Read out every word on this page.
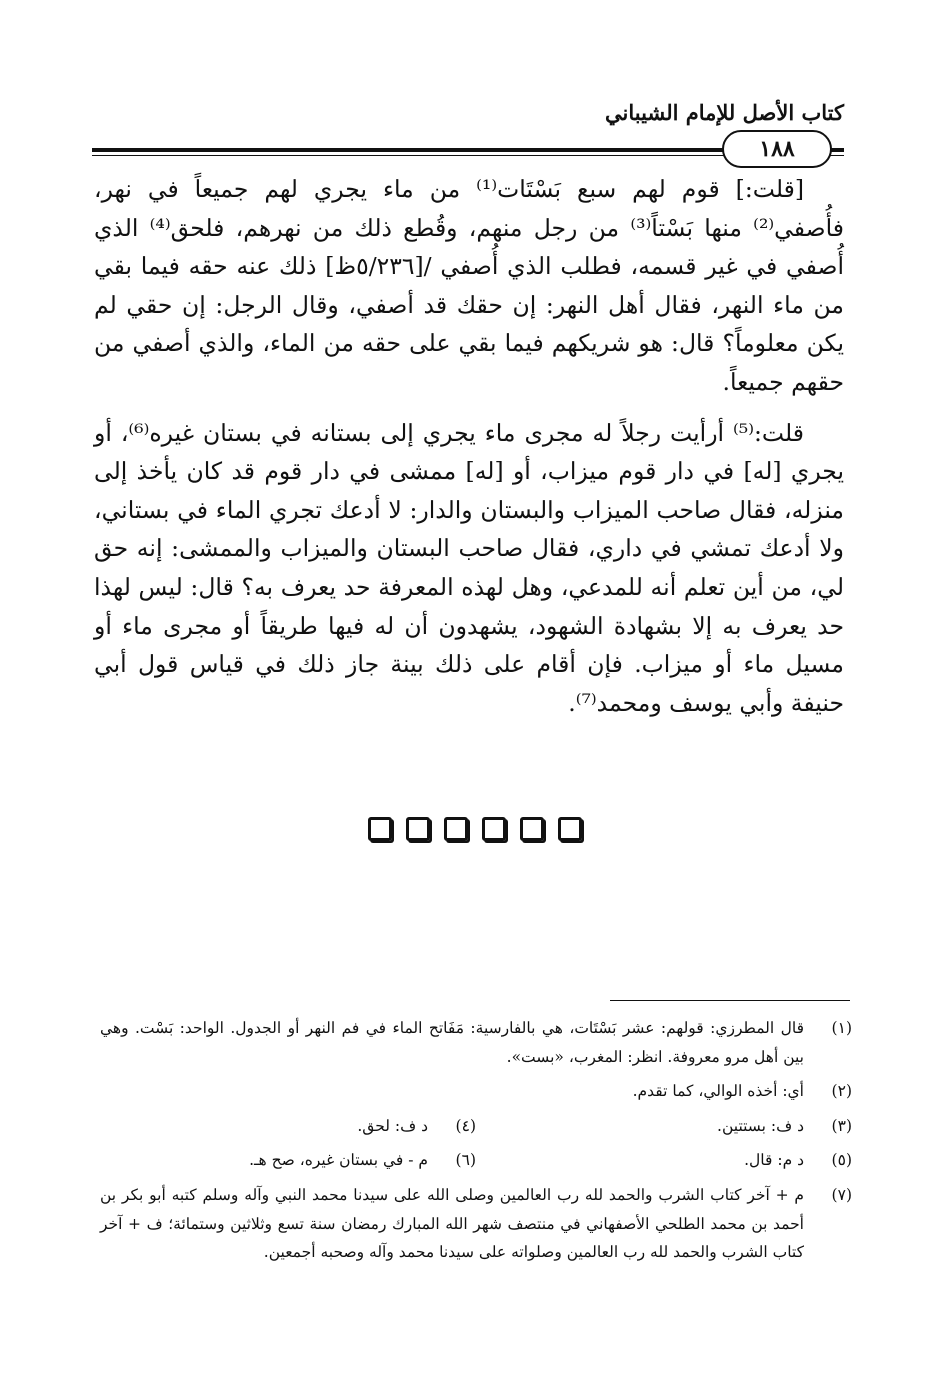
كتاب الأصل للإمام الشيباني
١٨٨

[قلت:] قوم لهم سبع بَسْتَات⁽¹⁾ من ماء يجري لهم جميعاً في نهر، فأُصفي⁽²⁾ منها بَسْتاً⁽³⁾ من رجل منهم، وقُطع ذلك من نهرهم، فلحق⁽⁴⁾ الذي أُصفي في غير قسمه، فطلب الذي أُصفي /[٥/٢٣٦ظ] ذلك عنه حقه فيما بقي من ماء النهر، فقال أهل النهر: إن حقك قد أصفي، وقال الرجل: إن حقي لم يكن معلوماً؟ قال: هو شريكهم فيما بقي على حقه من الماء، والذي أصفي من حقهم جميعاً.

قلت:⁽⁵⁾ أرأيت رجلاً له مجرى ماء يجري إلى بستانه في بستان غيره⁽⁶⁾، أو يجري [له] في دار قوم ميزاب، أو [له] ممشى في دار قوم قد كان يأخذ إلى منزله، فقال صاحب الميزاب والبستان والدار: لا أدعك تجري الماء في بستاني، ولا أدعك تمشي في داري، فقال صاحب البستان والميزاب والممشى: إنه حق لي، من أين تعلم أنه للمدعي، وهل لهذه المعرفة حد يعرف به؟ قال: ليس لهذا حد يعرف به إلا بشهادة الشهود، يشهدون أن له فيها طريقاً أو مجرى ماء أو مسيل ماء أو ميزاب. فإن أقام على ذلك بينة جاز ذلك في قياس قول أبي حنيفة وأبي يوسف ومحمد⁽⁷⁾.

(١)
قال المطرزي: قولهم: عشر بَسْتَات، هي بالفارسية: مَفَاتح الماء في فم النهر أو الجدول. الواحد: بَسْت. وهي بين أهل مرو معروفة. انظر: المغرب، «بست».
(٢)
أي: أخذه الوالي، كما تقدم.
(٣)
د ف: بستتين.
(٤)
د ف: لحق.
(٥)
د م: قال.
(٦)
م - في بستان غيره، صح هـ.
(٧)
م + آخر كتاب الشرب والحمد لله رب العالمين وصلى الله على سيدنا محمد النبي وآله وسلم كتبه أبو بكر بن أحمد بن محمد الطلحي الأصفهاني في منتصف شهر الله المبارك رمضان سنة تسع وثلاثين وستمائة؛ ف + آخر كتاب الشرب والحمد لله رب العالمين وصلواته على سيدنا محمد وآله وصحبه أجمعين.
